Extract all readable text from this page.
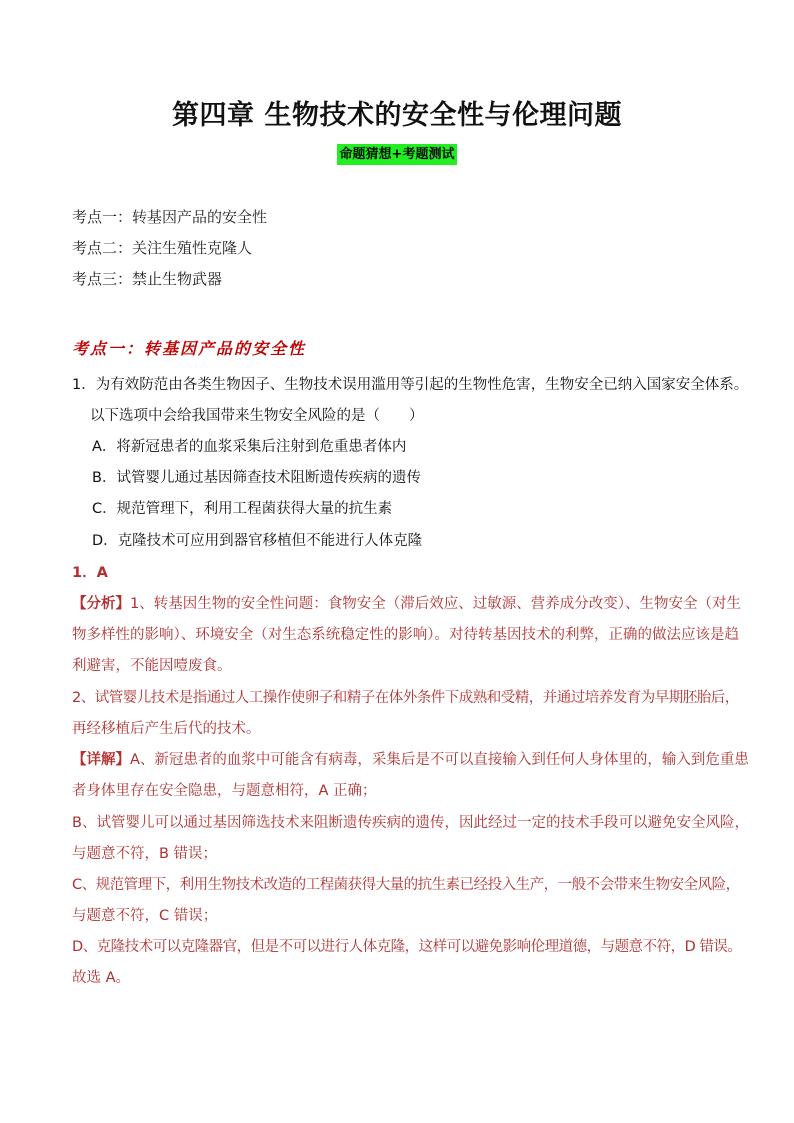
第四章 生物技术的安全性与伦理问题
命题猜想+考题测试
考点一：转基因产品的安全性
考点二：关注生殖性克隆人
考点三：禁止生物武器
考点一：转基因产品的安全性
1．为有效防范由各类生物因子、生物技术误用滥用等引起的生物性危害，生物安全已纳入国家安全体系。
以下选项中会给我国带来生物安全风险的是（　　）
A．将新冠患者的血浆采集后注射到危重患者体内
B．试管婴儿通过基因筛查技术阻断遗传疾病的遗传
C．规范管理下，利用工程菌获得大量的抗生素
D．克隆技术可应用到器官移植但不能进行人体克隆
1．A
【分析】1、转基因生物的安全性问题：食物安全（滞后效应、过敏源、营养成分改变）、生物安全（对生
物多样性的影响）、环境安全（对生态系统稳定性的影响）。对待转基因技术的利弊，正确的做法应该是趋
利避害，不能因噎废食。
2、试管婴儿技术是指通过人工操作使卵子和精子在体外条件下成熟和受精，并通过培养发育为早期胚胎后，
再经移植后产生后代的技术。
【详解】A、新冠患者的血浆中可能含有病毒，采集后是不可以直接输入到任何人身体里的，输入到危重患
者身体里存在安全隐患，与题意相符，A 正确；
B、试管婴儿可以通过基因筛选技术来阻断遗传疾病的遗传，因此经过一定的技术手段可以避免安全风险，
与题意不符，B 错误；
C、规范管理下，利用生物技术改造的工程菌获得大量的抗生素已经投入生产，一般不会带来生物安全风险，
与题意不符，C 错误；
D、克隆技术可以克隆器官，但是不可以进行人体克隆，这样可以避免影响伦理道德，与题意不符，D 错误。
故选 A。
